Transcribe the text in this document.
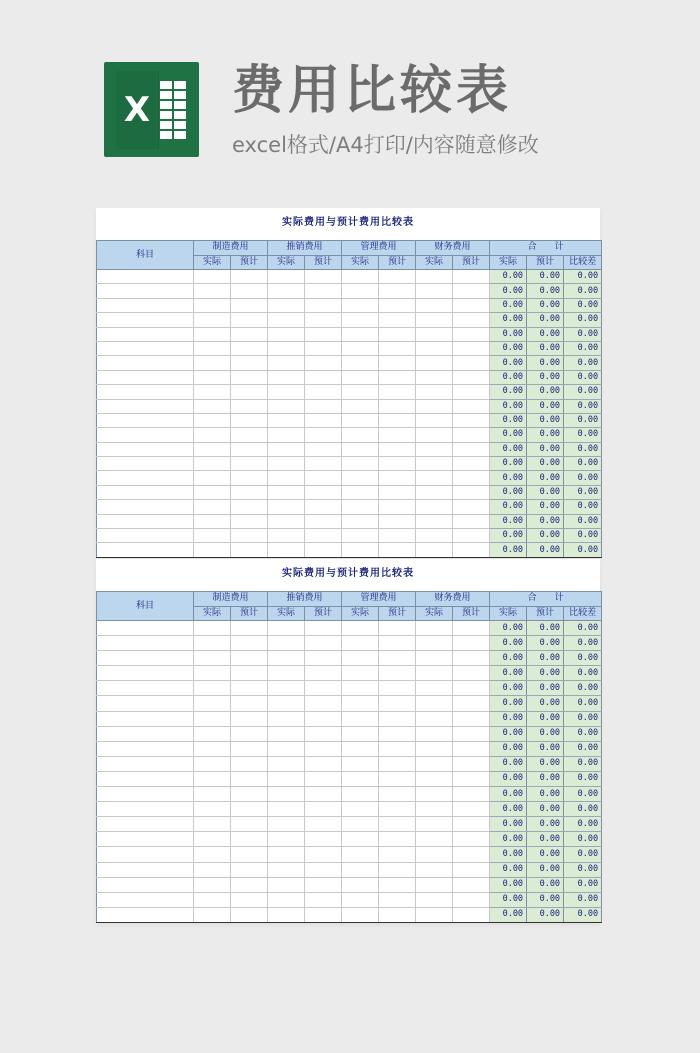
X 费用比较表
excel格式/A4打印/内容随意修改
实际费用与预计费用比较表
科目	制造费用		推销费用		管理费用		财务费用		合　　计		
	实际	预计	实际	预计	实际	预计	实际	预计	实际	预计	比较差
									0.00	0.00	0.00
									0.00	0.00	0.00
									0.00	0.00	0.00
									0.00	0.00	0.00
									0.00	0.00	0.00
									0.00	0.00	0.00
									0.00	0.00	0.00
									0.00	0.00	0.00
									0.00	0.00	0.00
									0.00	0.00	0.00
									0.00	0.00	0.00
									0.00	0.00	0.00
									0.00	0.00	0.00
									0.00	0.00	0.00
									0.00	0.00	0.00
									0.00	0.00	0.00
									0.00	0.00	0.00
									0.00	0.00	0.00
									0.00	0.00	0.00
									0.00	0.00	0.00
实际费用与预计费用比较表
科目	制造费用		推销费用		管理费用		财务费用		合　　计		
	实际	预计	实际	预计	实际	预计	实际	预计	实际	预计	比较差
									0.00	0.00	0.00
									0.00	0.00	0.00
									0.00	0.00	0.00
									0.00	0.00	0.00
									0.00	0.00	0.00
									0.00	0.00	0.00
									0.00	0.00	0.00
									0.00	0.00	0.00
									0.00	0.00	0.00
									0.00	0.00	0.00
									0.00	0.00	0.00
									0.00	0.00	0.00
									0.00	0.00	0.00
									0.00	0.00	0.00
									0.00	0.00	0.00
									0.00	0.00	0.00
									0.00	0.00	0.00
									0.00	0.00	0.00
									0.00	0.00	0.00
									0.00	0.00	0.00
